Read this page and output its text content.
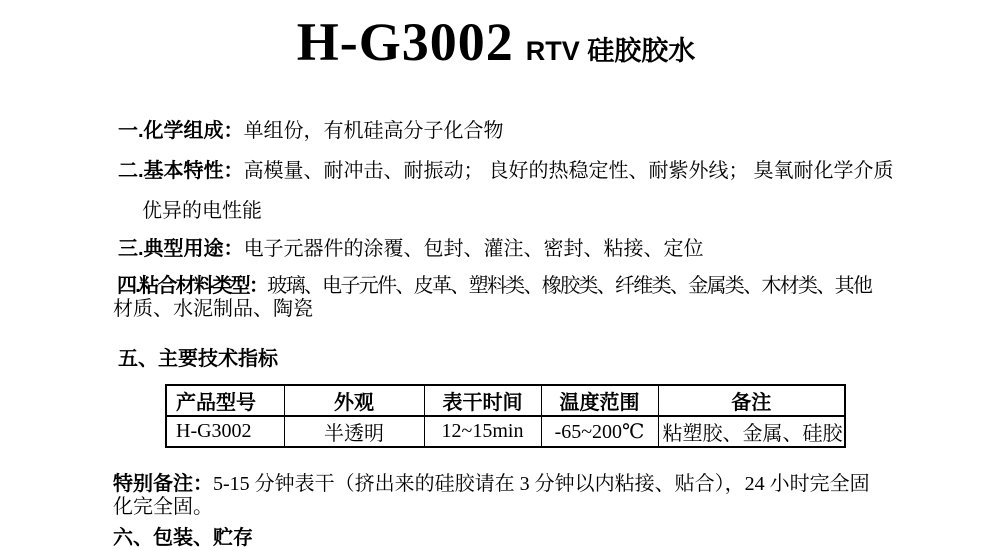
H-G3002 RTV 硅胶胶水

一.化学组成：单组份，有机硅高分子化合物

二.基本特性：高模量、耐冲击、耐振动； 良好的热稳定性、耐紫外线； 臭氧耐化学介质

优异的电性能

三.典型用途：电子元器件的涂覆、包封、灌注、密封、粘接、定位

四.粘合材料类型：玻璃、电子元件、皮革、塑料类、橡胶类、纤维类、金属类、木材类、其他

材质、水泥制品、陶瓷

五、主要技术指标

产品型号	外观	表干时间	温度范围	备注
H-G3002	半透明	12~15min	-65~200℃	粘塑胶、金属、硅胶

特别备注：5-15 分钟表干（挤出来的硅胶请在 3 分钟以内粘接、贴合），24 小时完全固

化完全固。

六、包装、贮存
